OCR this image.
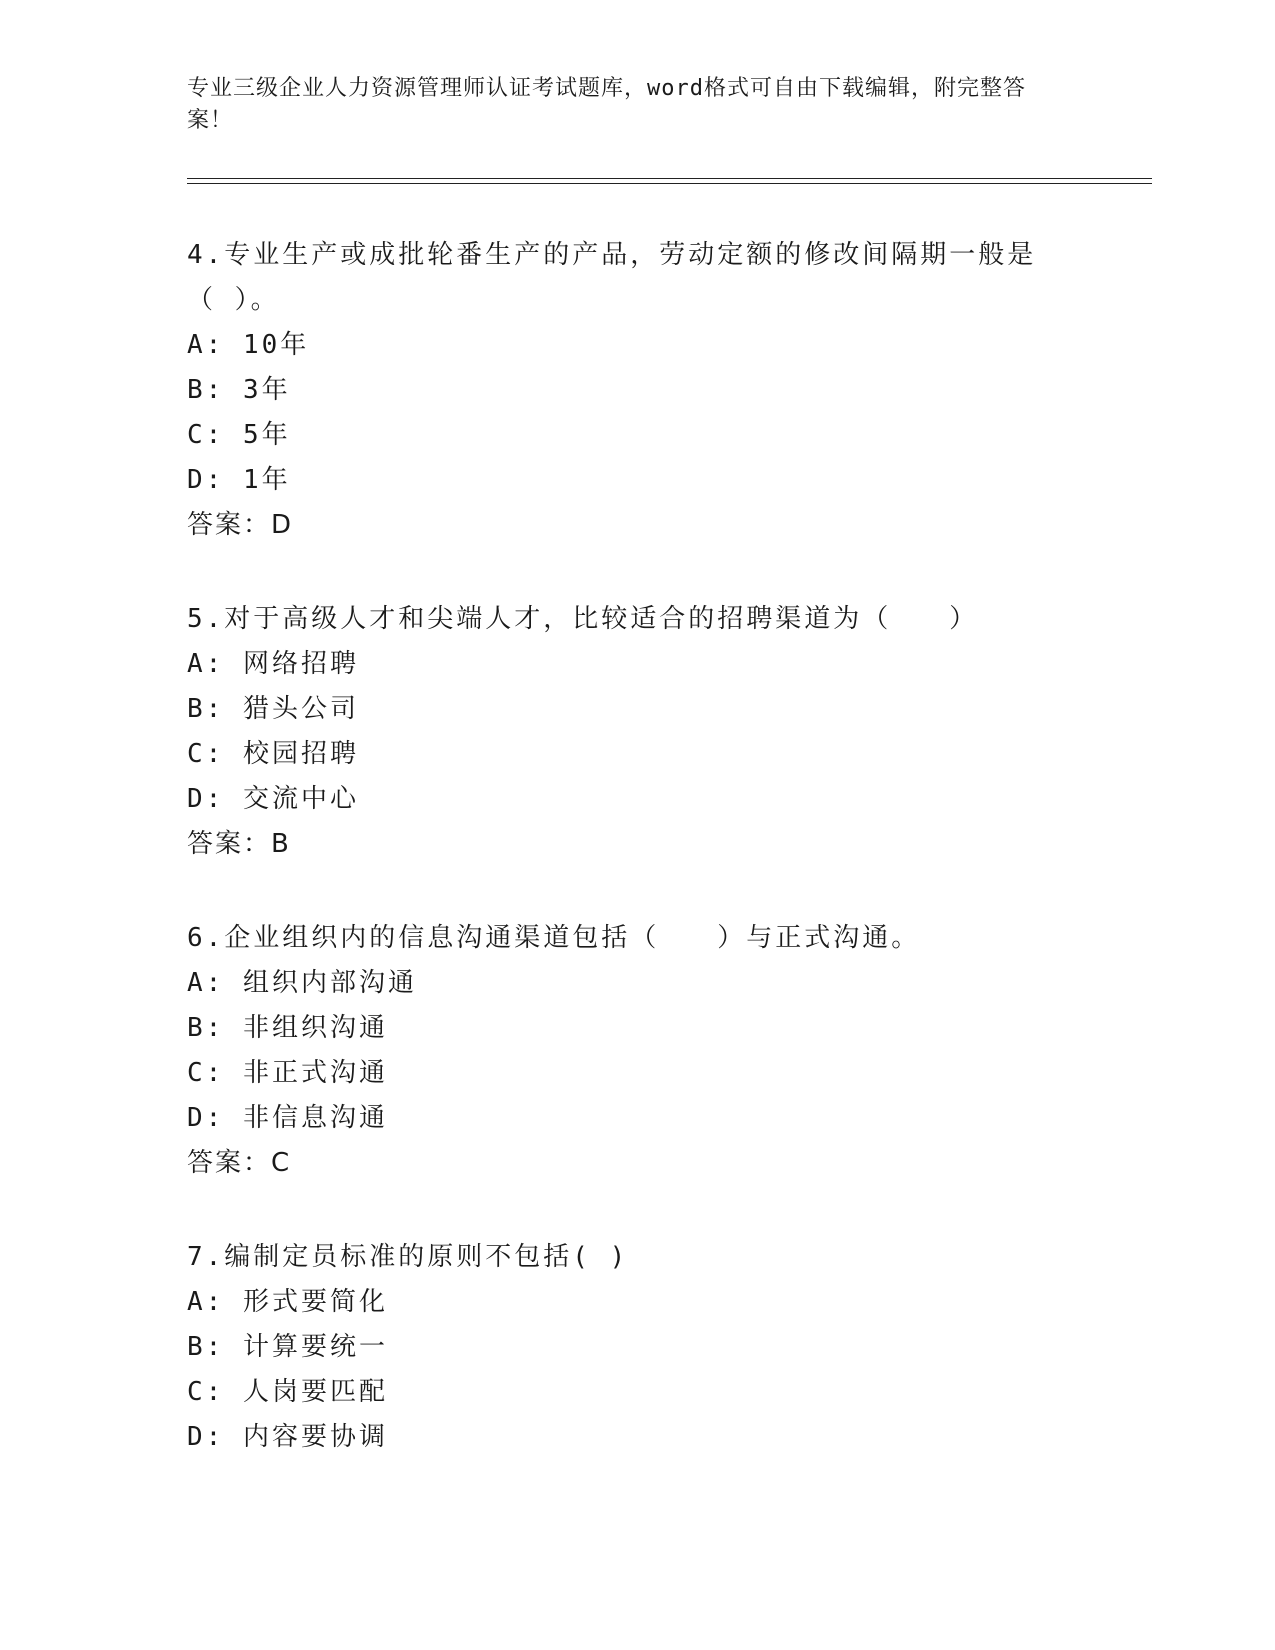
专业三级企业人力资源管理师认证考试题库，word格式可自由下载编辑，附完整答案！
4.专业生产或成批轮番生产的产品，劳动定额的修改间隔期一般是（ ）。
A: 10年
B: 3年
C: 5年
D: 1年
答案：D
5.对于高级人才和尖端人才，比较适合的招聘渠道为（　　）
A: 网络招聘
B: 猎头公司
C: 校园招聘
D: 交流中心
答案：B
6.企业组织内的信息沟通渠道包括（　　）与正式沟通。
A: 组织内部沟通
B: 非组织沟通
C: 非正式沟通
D: 非信息沟通
答案：C
7.编制定员标准的原则不包括( )
A: 形式要简化
B: 计算要统一
C: 人岗要匹配
D: 内容要协调
